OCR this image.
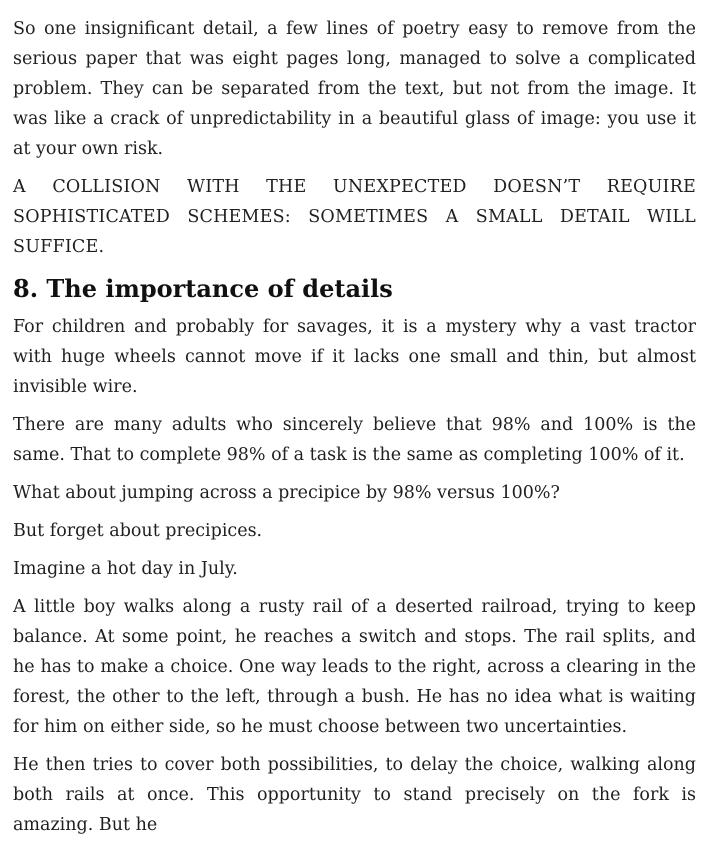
So one insignificant detail, a few lines of poetry easy to remove from the serious paper that was eight pages long, managed to solve a complicated problem. They can be separated from the text, but not from the image. It was like a crack of unpredictability in a beautiful glass of image: you use it at your own risk.

A COLLISION WITH THE UNEXPECTED DOESN’T REQUIRE SOPHISTICATED SCHEMES: SOMETIMES A SMALL DETAIL WILL SUFFICE.

8. The importance of details

For children and probably for savages, it is a mystery why a vast tractor with huge wheels cannot move if it lacks one small and thin, but almost invisible wire.

There are many adults who sincerely believe that 98% and 100% is the same. That to complete 98% of a task is the same as completing 100% of it.

What about jumping across a precipice by 98% versus 100%?

But forget about precipices.

Imagine a hot day in July.

A little boy walks along a rusty rail of a deserted railroad, trying to keep balance. At some point, he reaches a switch and stops. The rail splits, and he has to make a choice. One way leads to the right, across a clearing in the forest, the other to the left, through a bush. He has no idea what is waiting for him on either side, so he must choose between two uncertainties.

He then tries to cover both possibilities, to delay the choice, walking along both rails at once. This opportunity to stand precisely on the fork is amazing. But he
